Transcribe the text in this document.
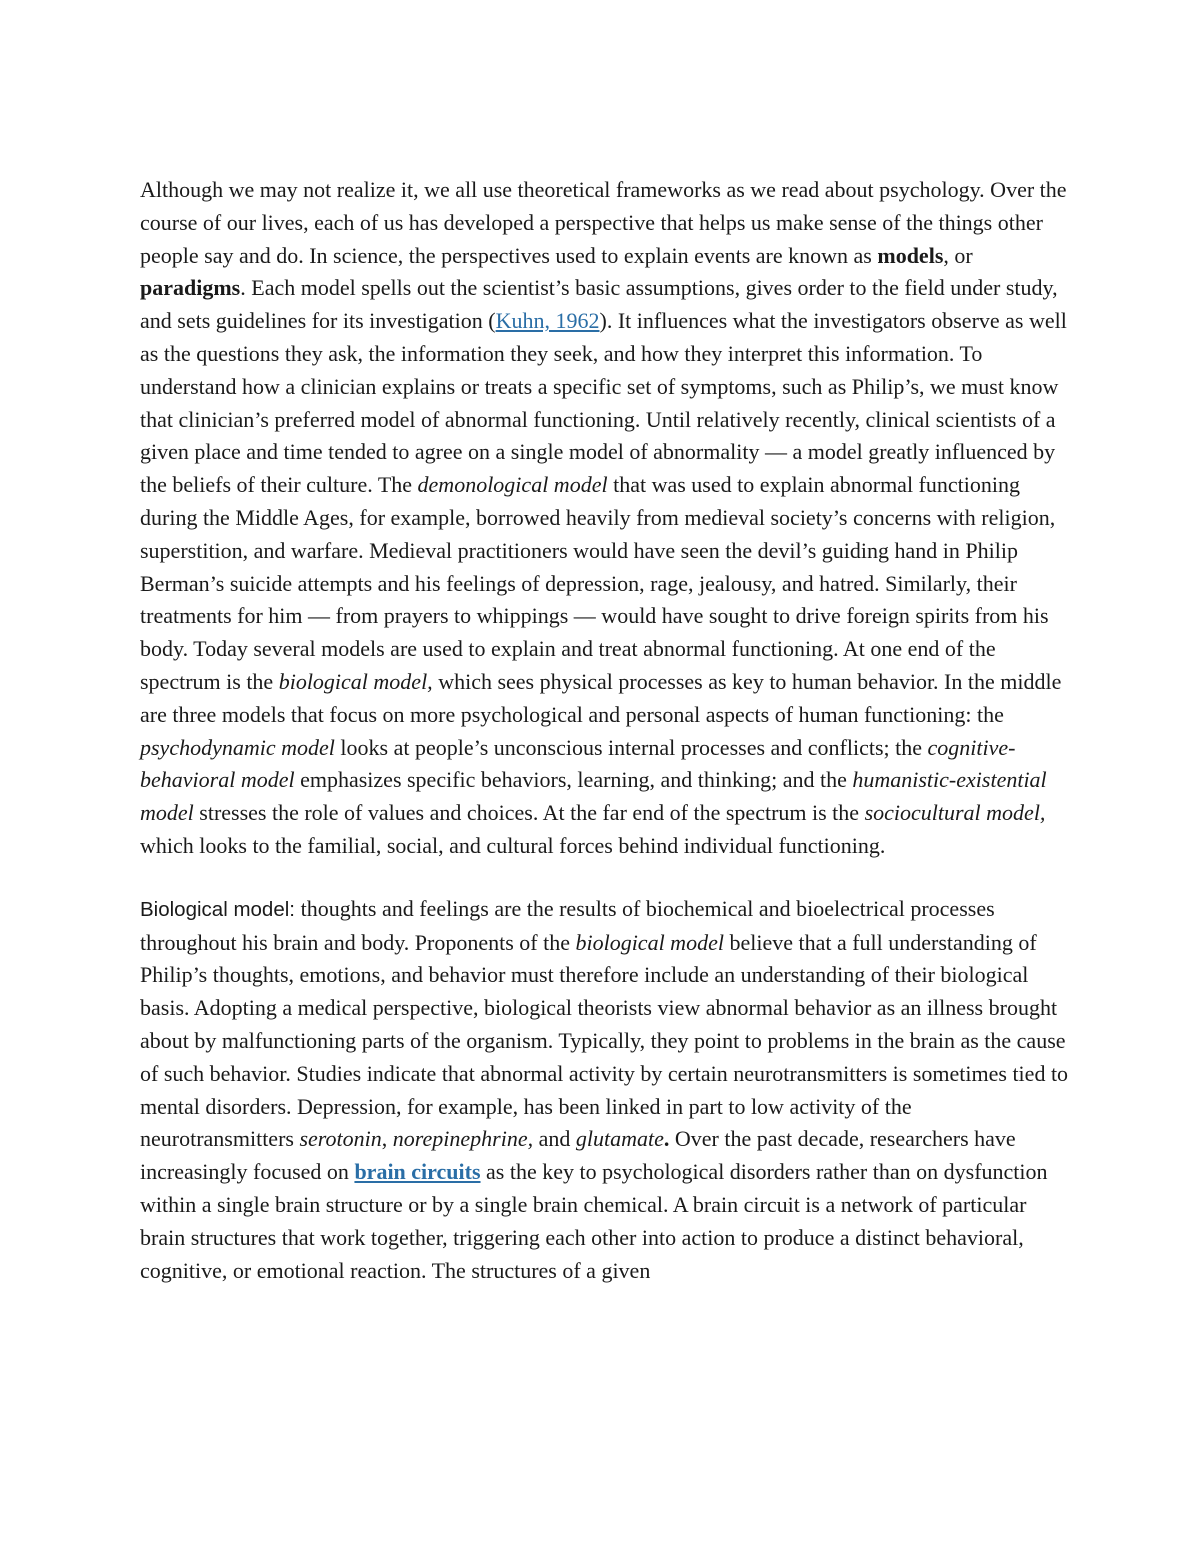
Although we may not realize it, we all use theoretical frameworks as we read about psychology. Over the course of our lives, each of us has developed a perspective that helps us make sense of the things other people say and do. In science, the perspectives used to explain events are known as models, or paradigms. Each model spells out the scientist’s basic assumptions, gives order to the field under study, and sets guidelines for its investigation (Kuhn, 1962). It influences what the investigators observe as well as the questions they ask, the information they seek, and how they interpret this information. To understand how a clinician explains or treats a specific set of symptoms, such as Philip’s, we must know that clinician’s preferred model of abnormal functioning. Until relatively recently, clinical scientists of a given place and time tended to agree on a single model of abnormality — a model greatly influenced by the beliefs of their culture. The demonological model that was used to explain abnormal functioning during the Middle Ages, for example, borrowed heavily from medieval society’s concerns with religion, superstition, and warfare. Medieval practitioners would have seen the devil’s guiding hand in Philip Berman’s suicide attempts and his feelings of depression, rage, jealousy, and hatred. Similarly, their treatments for him — from prayers to whippings — would have sought to drive foreign spirits from his body. Today several models are used to explain and treat abnormal functioning. At one end of the spectrum is the biological model, which sees physical processes as key to human behavior. In the middle are three models that focus on more psychological and personal aspects of human functioning: the psychodynamic model looks at people’s unconscious internal processes and conflicts; the cognitive-behavioral model emphasizes specific behaviors, learning, and thinking; and the humanistic-existential model stresses the role of values and choices. At the far end of the spectrum is the sociocultural model, which looks to the familial, social, and cultural forces behind individual functioning.

Biological model: thoughts and feelings are the results of biochemical and bioelectrical processes throughout his brain and body. Proponents of the biological model believe that a full understanding of Philip’s thoughts, emotions, and behavior must therefore include an understanding of their biological basis. Adopting a medical perspective, biological theorists view abnormal behavior as an illness brought about by malfunctioning parts of the organism. Typically, they point to problems in the brain as the cause of such behavior. Studies indicate that abnormal activity by certain neurotransmitters is sometimes tied to mental disorders. Depression, for example, has been linked in part to low activity of the neurotransmitters serotonin, norepinephrine, and glutamate. Over the past decade, researchers have increasingly focused on brain circuits as the key to psychological disorders rather than on dysfunction within a single brain structure or by a single brain chemical. A brain circuit is a network of particular brain structures that work together, triggering each other into action to produce a distinct behavioral, cognitive, or emotional reaction. The structures of a given
